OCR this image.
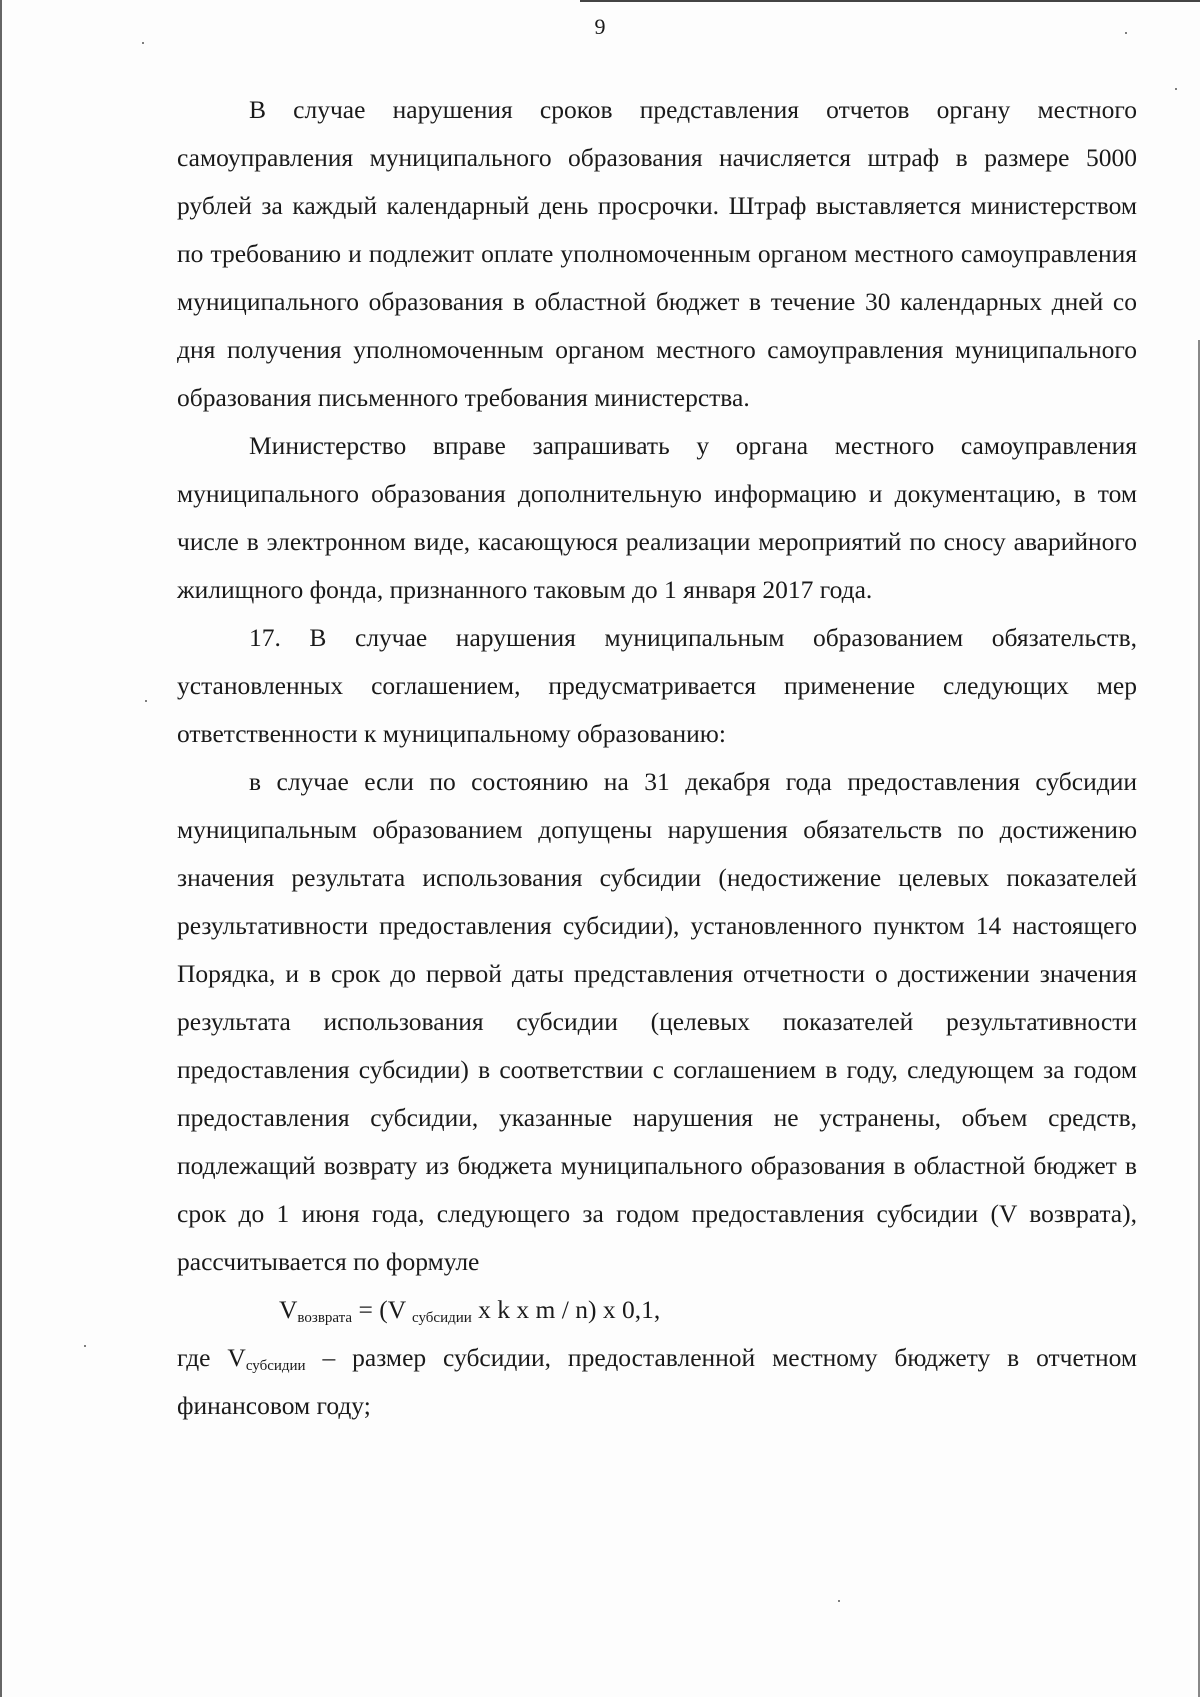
9

В случае нарушения сроков представления отчетов органу местного самоуправления муниципального образования начисляется штраф в размере 5000 рублей за каждый календарный день просрочки. Штраф выставляется министерством по требованию и подлежит оплате уполномоченным органом местного самоуправления муниципального образования в областной бюджет в течение 30 календарных дней со дня получения уполномоченным органом местного самоуправления муниципального образования письменного требования министерства.

Министерство вправе запрашивать у органа местного самоуправления муниципального образования дополнительную информацию и документацию, в том числе в электронном виде, касающуюся реализации мероприятий по сносу аварийного жилищного фонда, признанного таковым до 1 января 2017 года.

17. В случае нарушения муниципальным образованием обязательств, установленных соглашением, предусматривается применение следующих мер ответственности к муниципальному образованию:

в случае если по состоянию на 31 декабря года предоставления субсидии муниципальным образованием допущены нарушения обязательств по достижению значения результата использования субсидии (недостижение целевых показателей результативности предоставления субсидии), установленного пунктом 14 настоящего Порядка, и в срок до первой даты представления отчетности о достижении значения результата использования субсидии (целевых показателей результативности предоставления субсидии) в соответствии с соглашением в году, следующем за годом предоставления субсидии, указанные нарушения не устранены, объем средств, подлежащий возврату из бюджета муниципального образования в областной бюджет в срок до 1 июня года, следующего за годом предоставления субсидии (V возврата), рассчитывается по формуле

$V_{возврата} = (V$ $_{субсидии}$ x k x m / n) x 0,1,

где $V_{субсидии}$ – размер субсидии, предоставленной местному бюджету в отчетном финансовом году;
